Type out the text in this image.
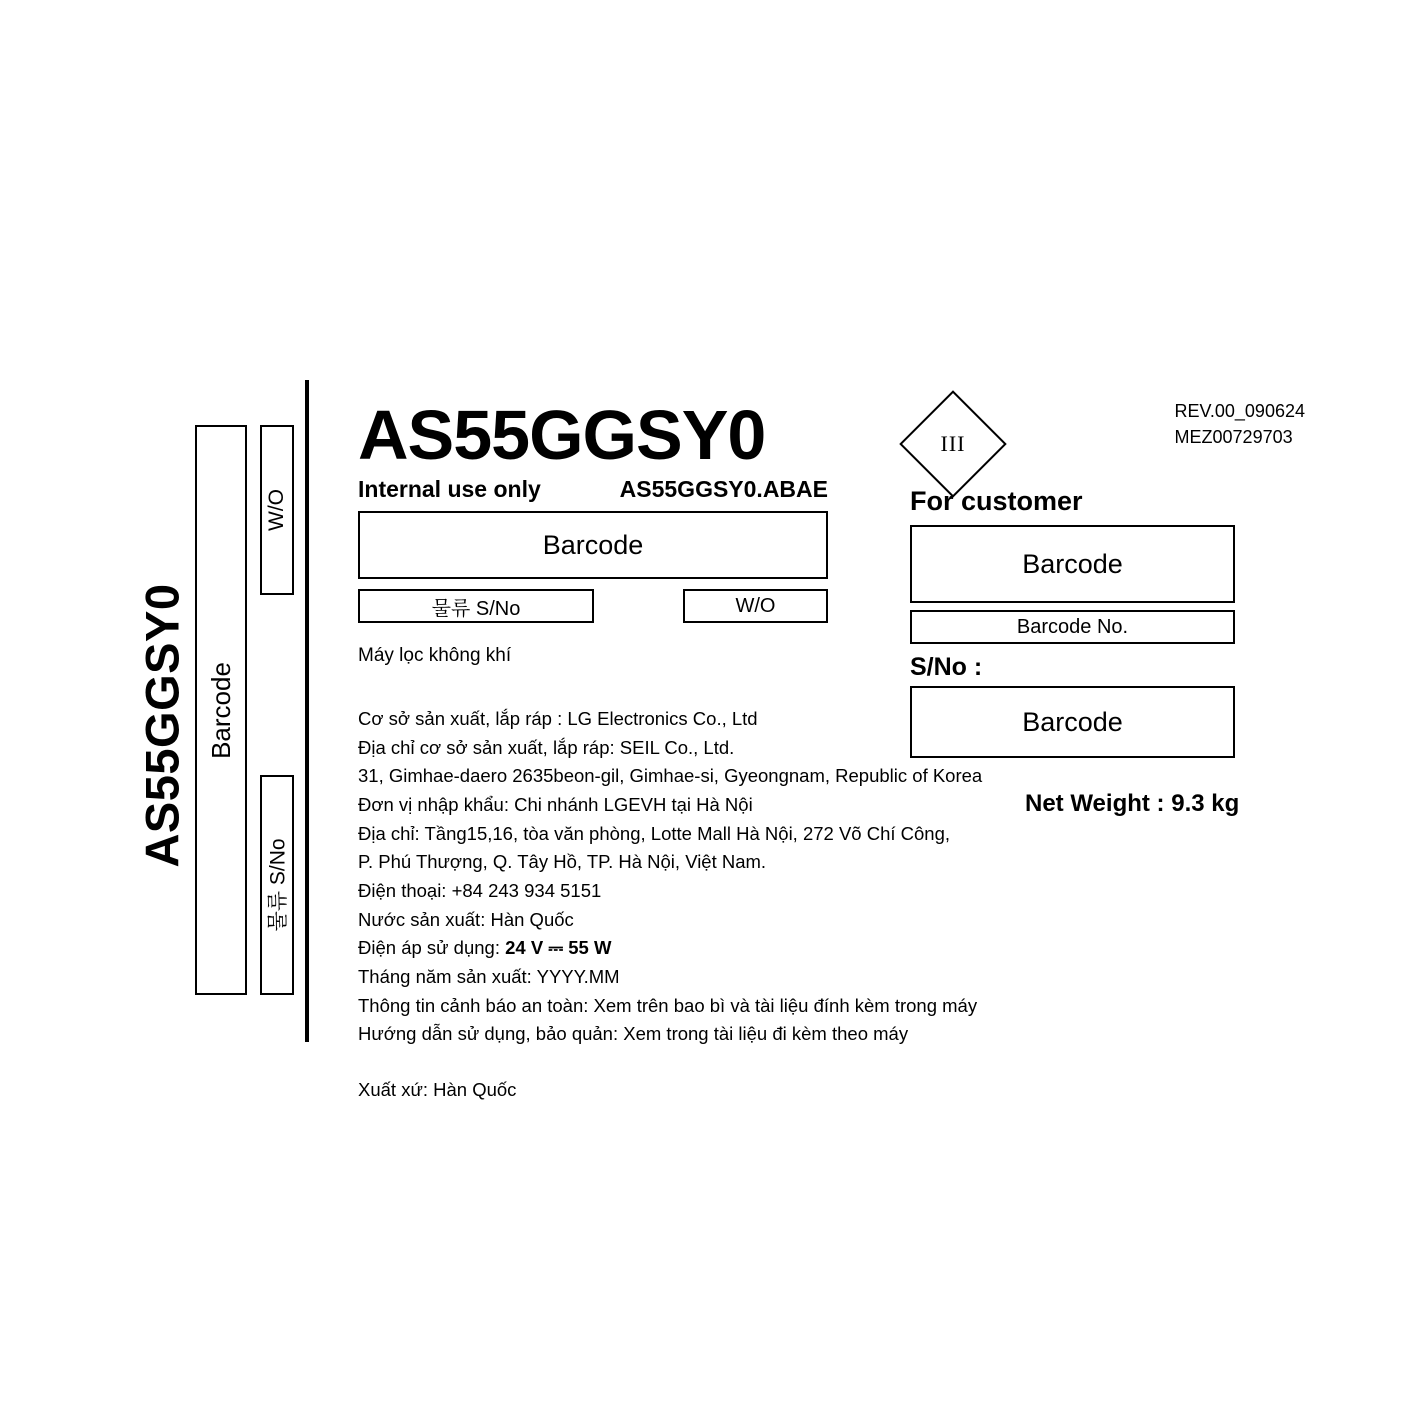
AS55GGSY0 Barcode
W/O
물류 S/No
AS55GGSY0
Internal use only	AS55GGSY0.ABAE
Barcode
물류 S/No	W/O
Máy lọc không khí
Cơ sở sản xuất, lắp ráp : LG Electronics Co., Ltd
Địa chỉ cơ sở sản xuất, lắp ráp: SEIL Co., Ltd.
31, Gimhae-daero 2635beon-gil, Gimhae-si, Gyeongnam, Republic of Korea
Đơn vị nhập khẩu: Chi nhánh LGEVH tại Hà Nội
Địa chỉ: Tầng15,16, tòa văn phòng, Lotte Mall Hà Nội, 272 Võ Chí Công,
P. Phú Thượng, Q. Tây Hồ, TP. Hà Nội, Việt Nam.
Điện thoại: +84 243 934 5151
Nước sản xuất: Hàn Quốc
Điện áp sử dụng: 24 V ⎓ 55 W
Tháng năm sản xuất: YYYY.MM
Thông tin cảnh báo an toàn: Xem trên bao bì và tài liệu đính kèm trong máy
Hướng dẫn sử dụng, bảo quản: Xem trong tài liệu đi kèm theo máy
Xuất xứ: Hàn Quốc
REV.00_090624
MEZ00729703
III
For customer
Barcode
Barcode No.
S/No :
Barcode
Net Weight : 9.3 kg
